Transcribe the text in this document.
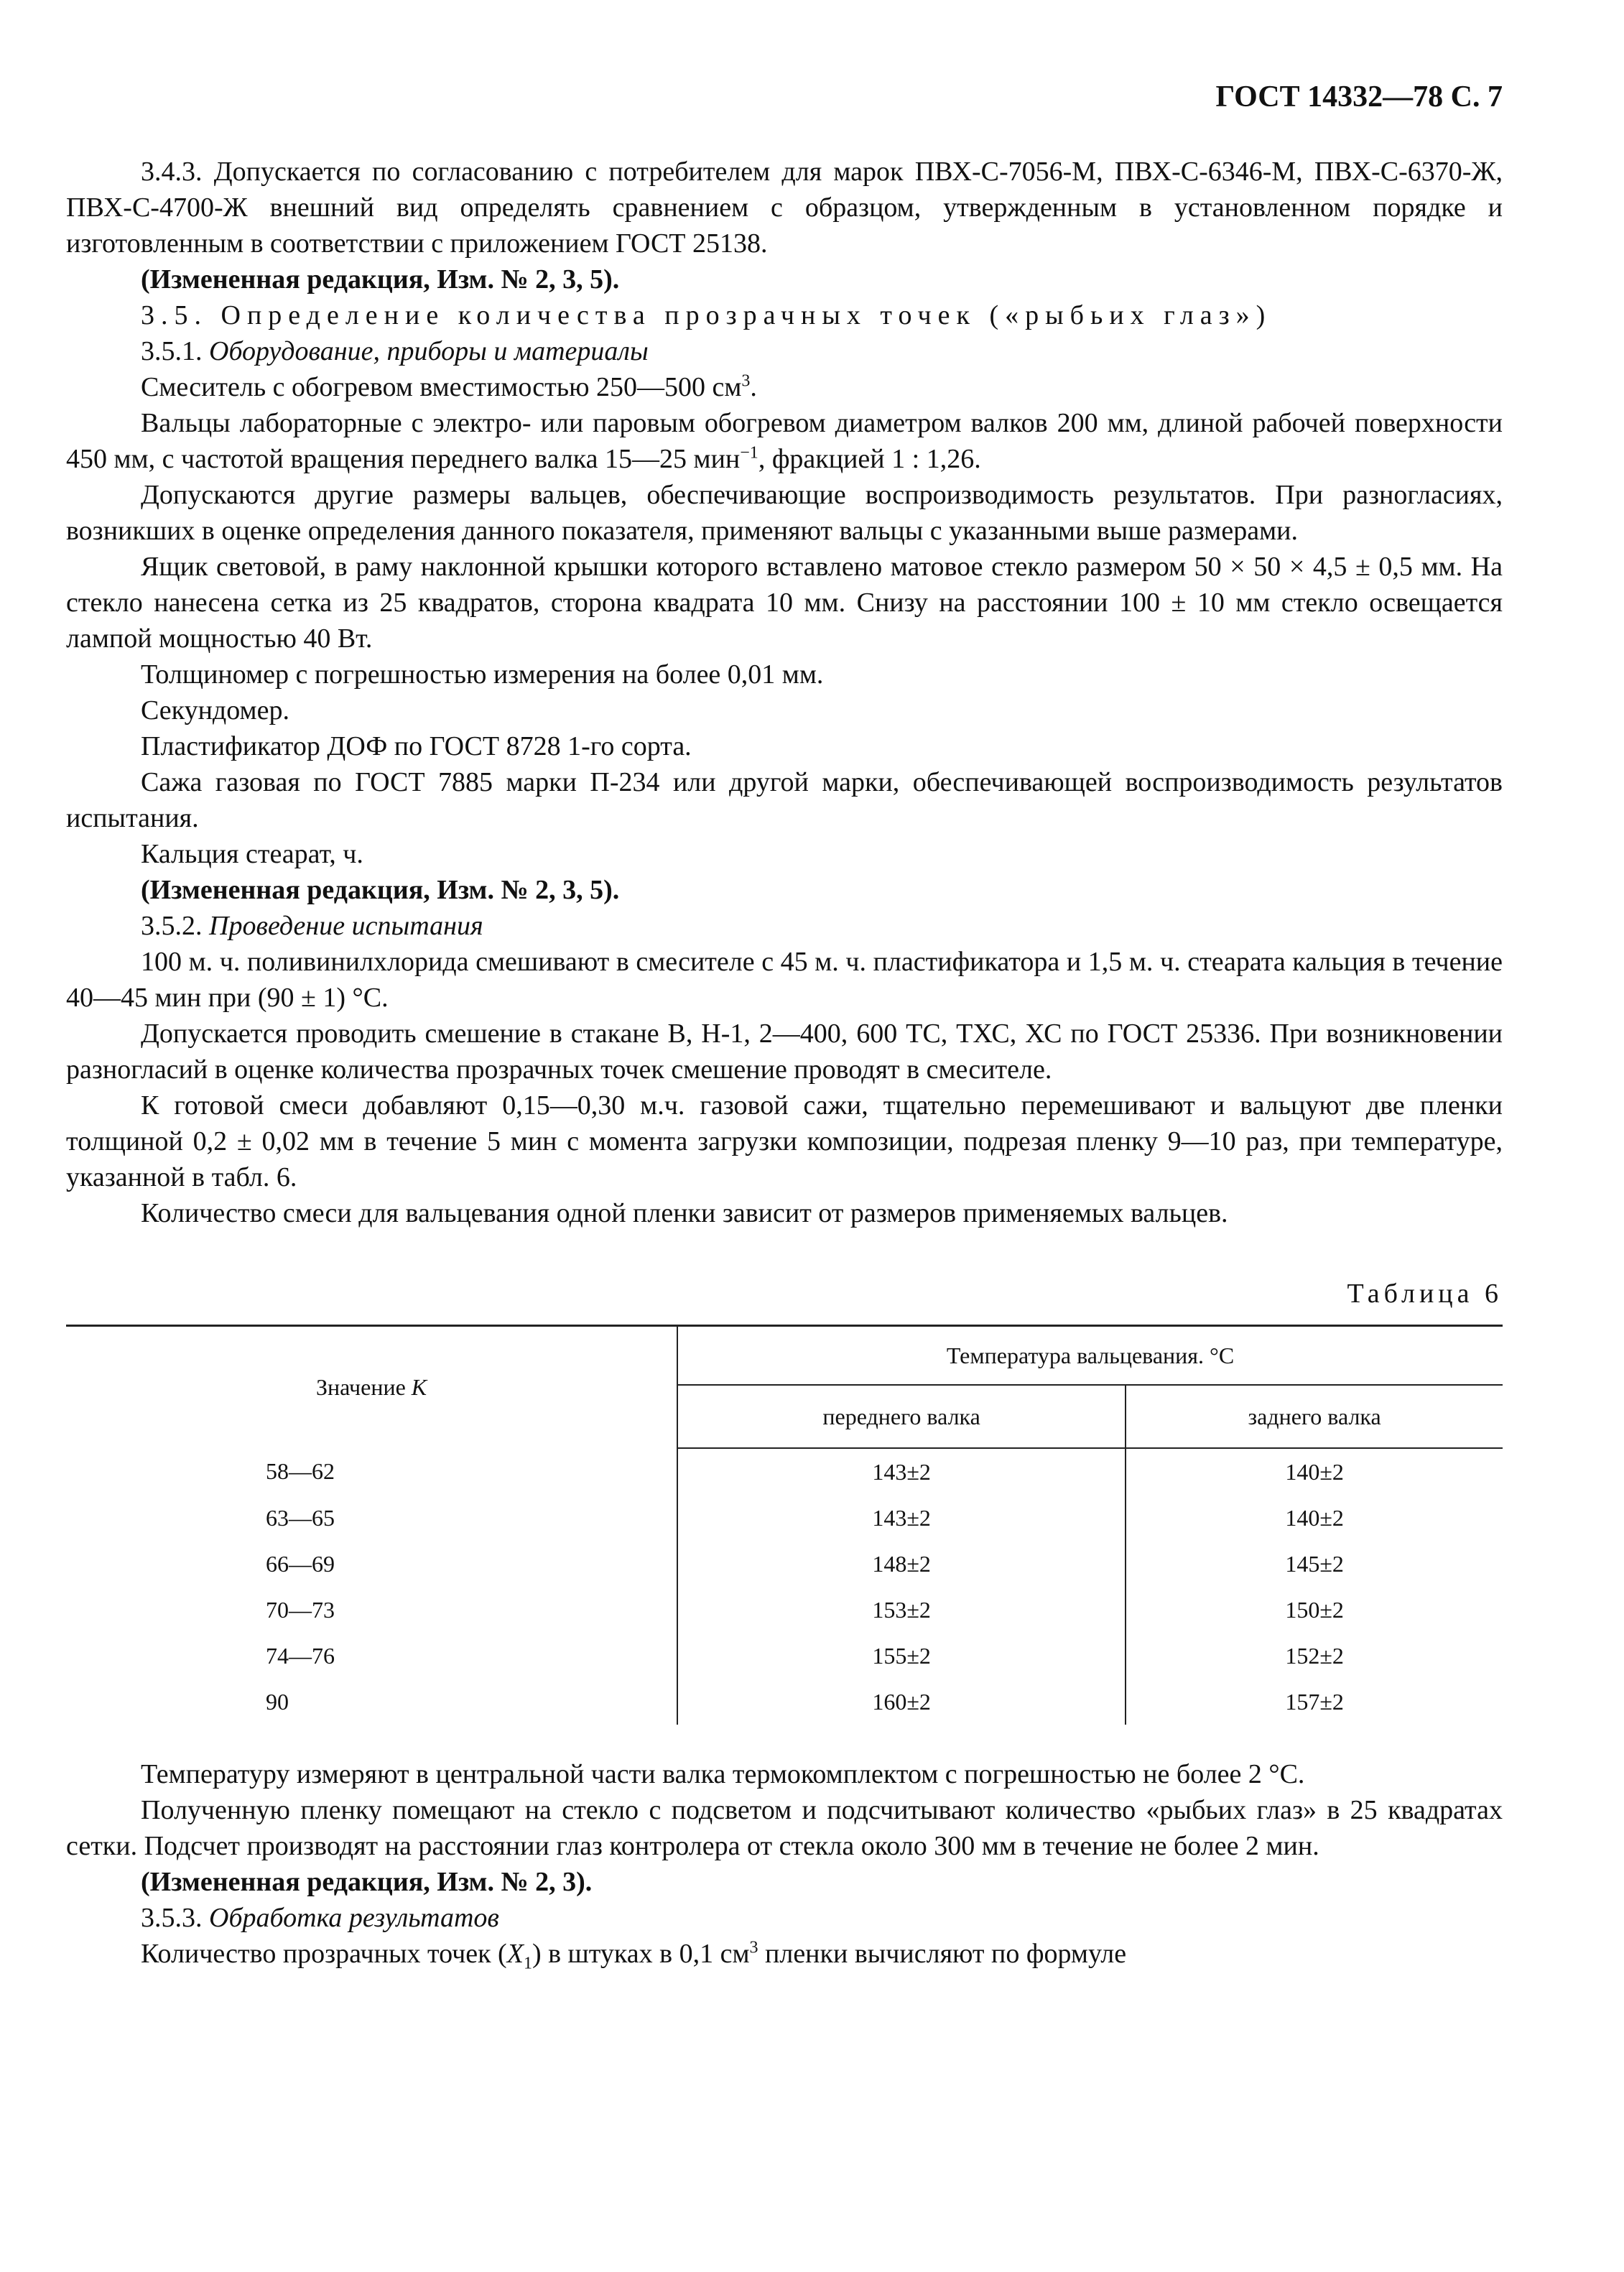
ГОСТ 14332—78 С. 7

3.4.3. Допускается по согласованию с потребителем для марок ПВХ-С-7056-М, ПВХ-С-6346-М, ПВХ-С-6370-Ж, ПВХ-С-4700-Ж внешний вид определять сравнением с образцом, утвержденным в установленном порядке и изготовленным в соответствии с приложением ГОСТ 25138.

(Измененная редакция, Изм. № 2, 3, 5).

3.5. Определение количества прозрачных точек («рыбьих глаз»)

3.5.1. Оборудование, приборы и материалы

Смеситель с обогревом вместимостью 250—500 $см^3$.

Вальцы лабораторные с электро- или паровым обогревом диаметром валков 200 мм, длиной рабочей поверхности 450 мм, с частотой вращения переднего валка 15—25 мин$^{-1}$, фракцией 1 : 1,26.

Допускаются другие размеры вальцев, обеспечивающие воспроизводимость результатов. При разногласиях, возникших в оценке определения данного показателя, применяют вальцы с указанными выше размерами.

Ящик световой, в раму наклонной крышки которого вставлено матовое стекло размером 50 × 50 × 4,5 ± 0,5 мм. На стекло нанесена сетка из 25 квадратов, сторона квадрата 10 мм. Снизу на расстоянии 100 ± 10 мм стекло освещается лампой мощностью 40 Вт.

Толщиномер с погрешностью измерения на более 0,01 мм.

Секундомер.

Пластификатор ДОФ по ГОСТ 8728 1-го сорта.

Сажа газовая по ГОСТ 7885 марки П-234 или другой марки, обеспечивающей воспроизводимость результатов испытания.

Кальция стеарат, ч.

(Измененная редакция, Изм. № 2, 3, 5).

3.5.2. Проведение испытания

100 м. ч. поливинилхлорида смешивают в смесителе с 45 м. ч. пластификатора и 1,5 м. ч. стеарата кальция в течение 40—45 мин при (90 ± 1) °С.

Допускается проводить смешение в стакане В, Н-1, 2—400, 600 ТС, ТХС, ХС по ГОСТ 25336. При возникновении разногласий в оценке количества прозрачных точек смешение проводят в смесителе.

К готовой смеси добавляют 0,15—0,30 м.ч. газовой сажи, тщательно перемешивают и вальцуют две пленки толщиной 0,2 ± 0,02 мм в течение 5 мин с момента загрузки композиции, подрезая пленку 9—10 раз, при температуре, указанной в табл. 6.

Количество смеси для вальцевания одной пленки зависит от размеров применяемых вальцев.

Таблица 6
Значение К	Температура вальцевания. °С	
	переднего валка	заднего валка
58—62	143±2	140±2
63—65	143±2	140±2
66—69	148±2	145±2
70—73	153±2	150±2
74—76	155±2	152±2
90	160±2	157±2

Температуру измеряют в центральной части валка термокомплектом с погрешностью не более 2 °С.

Полученную пленку помещают на стекло с подсветом и подсчитывают количество «рыбьих глаз» в 25 квадратах сетки. Подсчет производят на расстоянии глаз контролера от стекла около 300 мм в течение не более 2 мин.

(Измененная редакция, Изм. № 2, 3).

3.5.3. Обработка результатов

Количество прозрачных точек $(X_1)$ в штуках в 0,1 $см^3$ пленки вычисляют по формуле
